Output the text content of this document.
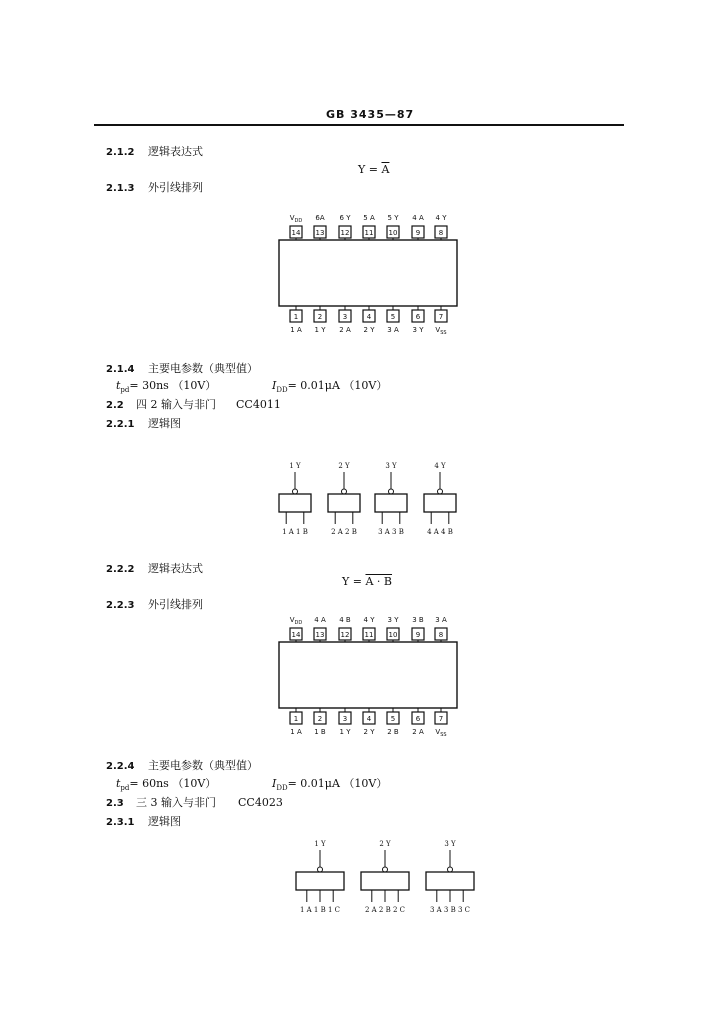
GB 3435—87
2.1.2 逻辑表达式
$Y = \overline{A}$
2.1.3 外引线排列
2.1.4 主要电参数（典型值）
$t_{pd}= 30ns$ （10V）	$I_{DD}= 0.01\mu A$ （10V）
2.2 四 2 输入与非门 CC4011
2.2.1 逻辑图
2.2.2 逻辑表达式
Y = A · B
2.2.3 外引线排列
2.2.4 主要电参数（典型值）
$t_{pd}= 60ns$ （10V）	$I_{DD}= 0.01\mu A$ （10V）
2.3 三 3 输入与非门 CC4023
2.3.1 逻辑图
14
1
13
2
12
3
11
4
10
5
9
6
8
7
$V_{DD}$
1 A
6A
1 Y
6 Y
2 A
5 A
2 Y
5 Y
3 A
4 A
3 Y
4 Y
$V_{SS}$
14
1
13
2
12
3
11
4
10
5
9
6
8
7
$V_{DD}$
1 A
4 A
1 B
4 B
1 Y
4 Y
2 Y
3 Y
2 B
3 B
2 A
3 A
$V_{SS}$
1 Y
1 A 1 B
2 Y
2 A 2 B
3 Y
3 A 3 B
4 Y
4 A 4 B
1 Y
1 A 1 B 1 C
2 Y
2 A 2 B 2 C
3 Y
3 A 3 B 3 C
